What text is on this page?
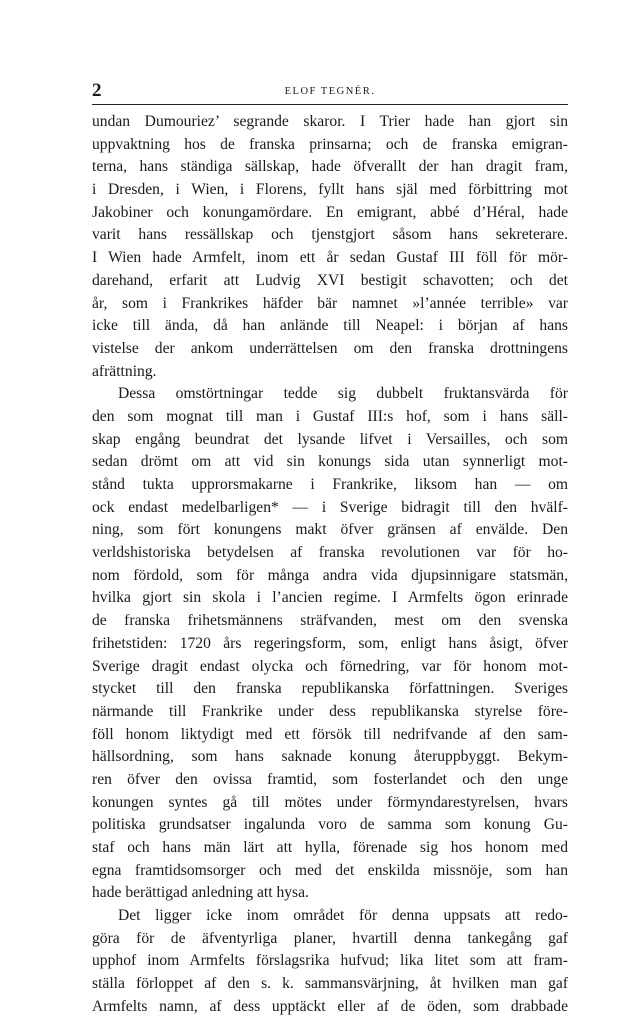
2	ELOF TEGNÉR.
undan Dumouriez’ segrande skaror. I Trier hade han gjort sin
uppvaktning hos de franska prinsarna; och de franska emigran-
terna, hans ständiga sällskap, hade öfverallt der han dragit fram,
i Dresden, i Wien, i Florens, fyllt hans själ med förbittring mot
Jakobiner och konungamördare. En emigrant, abbé d’Héral, hade
varit hans ressällskap och tjenstgjort såsom hans sekreterare.
I Wien hade Armfelt, inom ett år sedan Gustaf III föll för mör-
darehand, erfarit att Ludvig XVI bestigit schavotten; och det
år, som i Frankrikes häfder bär namnet »l’année terrible» var
icke till ända, då han anlände till Neapel: i början af hans
vistelse der ankom underrättelsen om den franska drottningens
afrättning.
Dessa omstörtningar tedde sig dubbelt fruktansvärda för
den som mognat till man i Gustaf III:s hof, som i hans säll-
skap engång beundrat det lysande lifvet i Versailles, och som
sedan drömt om att vid sin konungs sida utan synnerligt mot-
stånd tukta upprorsmakarne i Frankrike, liksom han — om
ock endast medelbarligen* — i Sverige bidragit till den hvälf-
ning, som fört konungens makt öfver gränsen af envälde. Den
verldshistoriska betydelsen af franska revolutionen var för ho-
nom fördold, som för många andra vida djupsinnigare statsmän,
hvilka gjort sin skola i l’ancien regime. I Armfelts ögon erinrade
de franska frihetsmännens sträfvanden, mest om den svenska
frihetstiden: 1720 års regeringsform, som, enligt hans åsigt, öfver
Sverige dragit endast olycka och förnedring, var för honom mot-
stycket till den franska republikanska författningen. Sveriges
närmande till Frankrike under dess republikanska styrelse före-
föll honom liktydigt med ett försök till nedrifvande af den sam-
hällsordning, som hans saknade konung återuppbyggt. Bekym-
ren öfver den ovissa framtid, som fosterlandet och den unge
konungen syntes gå till mötes under förmyndarestyrelsen, hvars
politiska grundsatser ingalunda voro de samma som konung Gu-
staf och hans män lärt att hylla, förenade sig hos honom med
egna framtidsomsorger och med det enskilda missnöje, som han
hade berättigad anledning att hysa.
Det ligger icke inom området för denna uppsats att redo-
göra för de äfventyrliga planer, hvartill denna tankegång gaf
upphof inom Armfelts förslagsrika hufvud; lika litet som att fram-
ställa förloppet af den s. k. sammansvärjning, åt hvilken man gaf
Armfelts namn, af dess upptäckt eller af de öden, som drabbade
